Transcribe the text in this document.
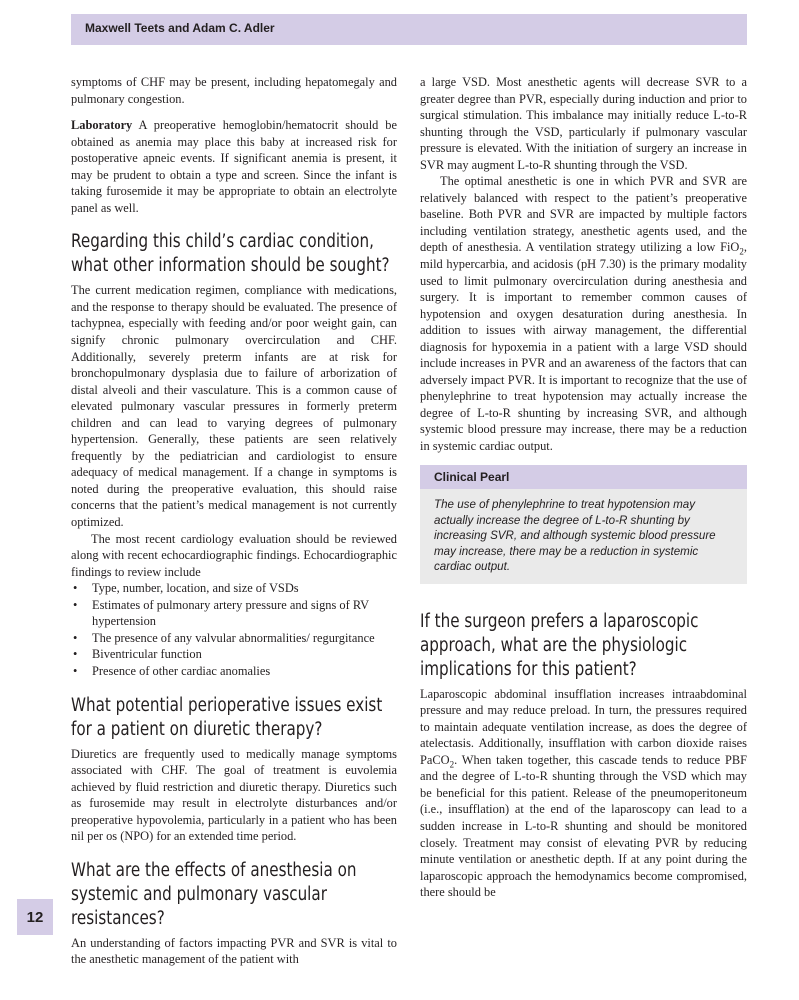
Maxwell Teets and Adam C. Adler

symptoms of CHF may be present, including hepatomegaly and pulmonary congestion.

Laboratory A preoperative hemoglobin/hematocrit should be obtained as anemia may place this baby at increased risk for postoperative apneic events. If significant anemia is present, it may be prudent to obtain a type and screen. Since the infant is taking furosemide it may be appropriate to obtain an electrolyte panel as well.

Regarding this child’s cardiac condition, what other information should be sought?

The current medication regimen, compliance with medications, and the response to therapy should be evaluated. The presence of tachypnea, especially with feeding and/or poor weight gain, can signify chronic pulmonary overcirculation and CHF. Additionally, severely preterm infants are at risk for bronchopulmonary dysplasia due to failure of arborization of distal alveoli and their vasculature. This is a common cause of elevated pulmonary vascular pressures in formerly preterm children and can lead to varying degrees of pulmonary hypertension. Generally, these patients are seen relatively frequently by the pediatrician and cardiologist to ensure adequacy of medical management. If a change in symptoms is noted during the preoperative evaluation, this should raise concerns that the patient’s medical management is not currently optimized.

The most recent cardiology evaluation should be reviewed along with recent echocardiographic findings. Echocardiographic findings to review include

• Type, number, location, and size of VSDs
• Estimates of pulmonary artery pressure and signs of RV hypertension
• The presence of any valvular abnormalities/ regurgitance
• Biventricular function
• Presence of other cardiac anomalies
What potential perioperative issues exist for a patient on diuretic therapy?

Diuretics are frequently used to medically manage symptoms associated with CHF. The goal of treatment is euvolemia achieved by fluid restriction and diuretic therapy. Diuretics such as furosemide may result in electrolyte disturbances and/or preoperative hypovolemia, particularly in a patient who has been nil per os (NPO) for an extended time period.

What are the effects of anesthesia on systemic and pulmonary vascular resistances?

An understanding of factors impacting PVR and SVR is vital to the anesthetic management of the patient with

a large VSD. Most anesthetic agents will decrease SVR to a greater degree than PVR, especially during induction and prior to surgical stimulation. This imbalance may initially reduce L-to-R shunting through the VSD, particularly if pulmonary vascular pressure is elevated. With the initiation of surgery an increase in SVR may augment L-to-R shunting through the VSD.

The optimal anesthetic is one in which PVR and SVR are relatively balanced with respect to the patient’s preoperative baseline. Both PVR and SVR are impacted by multiple factors including ventilation strategy, anesthetic agents used, and the depth of anesthesia. A ventilation strategy utilizing a low FiO$_2$, mild hypercarbia, and acidosis (pH 7.30) is the primary modality used to limit pulmonary overcirculation during anesthesia and surgery. It is important to remember common causes of hypotension and oxygen desaturation during anesthesia. In addition to issues with airway management, the differential diagnosis for hypoxemia in a patient with a large VSD should include increases in PVR and an awareness of the factors that can adversely impact PVR. It is important to recognize that the use of phenylephrine to treat hypotension may actually increase the degree of L-to-R shunting by increasing SVR, and although systemic blood pressure may increase, there may be a reduction in systemic cardiac output.

Clinical Pearl
The use of phenylephrine to treat hypotension may actually increase the degree of L-to-R shunting by increasing SVR, and although systemic blood pressure may increase, there may be a reduction in systemic cardiac output.
If the surgeon prefers a laparoscopic approach, what are the physiologic implications for this patient?

Laparoscopic abdominal insufflation increases intraabdominal pressure and may reduce preload. In turn, the pressures required to maintain adequate ventilation increase, as does the degree of atelectasis. Additionally, insufflation with carbon dioxide raises PaCO$_2$. When taken together, this cascade tends to reduce PBF and the degree of L-to-R shunting through the VSD which may be beneficial for this patient. Release of the pneumoperitoneum (i.e., insufflation) at the end of the laparoscopy can lead to a sudden increase in L-to-R shunting and should be monitored closely. Treatment may consist of elevating PVR by reducing minute ventilation or anesthetic depth. If at any point during the laparoscopic approach the hemodynamics become compromised, there should be

12
